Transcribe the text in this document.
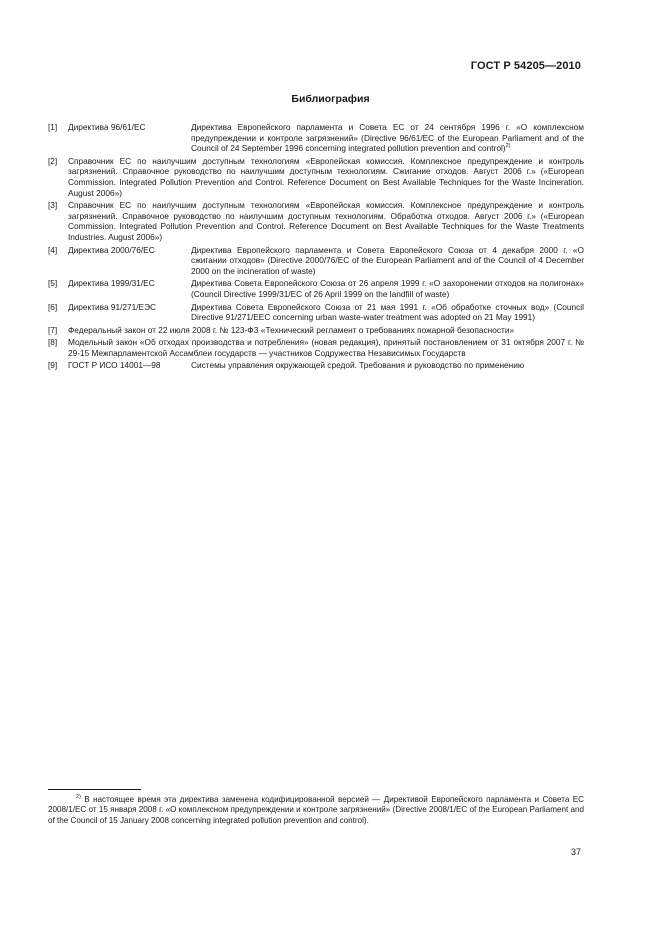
ГОСТ Р 54205—2010
Библиография
[1]	Директива 96/61/EC	Директива Европейского парламента и Совета ЕС от 24 сентября 1996 г. «О комплексном предупреждении и контроле загрязнений» (Directive 96/61/EC of the European Parliament and of the Council of 24 September 1996 concerning integrated pollution prevention and control)$^{2)}$
[2]	Справочник ЕС по наилучшим доступным технологиям «Европейская комиссия. Комплексное предупреждение и контроль загрязнений. Справочное руководство по наилучшим доступным технологиям. Сжигание отходов. Август 2006 г.» («European Commission. Integrated Pollution Prevention and Control. Reference Document on Best Available Techniques for the Waste Incineration. August 2006»)
[3]	Справочник ЕС по наилучшим доступным технологиям «Европейская комиссия. Комплексное предупреждение и контроль загрязнений. Справочное руководство по наилучшим доступным технологиям. Обработка отходов. Август 2006 г.» («European Commission. Integrated Pollution Prevention and Control. Reference Document on Best Available Techniques for the Waste Treatments Industries. August 2006»)
[4]	Директива 2000/76/ЕС	Директива Европейского парламента и Совета Европейского Союза от 4 декабря 2000 г. «О сжигании отходов» (Directive 2000/76/EC of the European Parliament and of the Council of 4 December 2000 on the incineration of waste)
[5]	Директива 1999/31/ЕС	Директива Совета Европейского Союза от 26 апреля 1999 г. «О захоронении отходов на полигонах» (Council Directive 1999/31/EC of 26 April 1999 on the landfill of waste)
[6]	Директива 91/271/ЕЭС	Директива Совета Европейского Союза от 21 мая 1991 г. «Об обработке сточных вод» (Council Directive 91/271/EEC concerning urban waste-water treatment was adopted on 21 May 1991)
[7]	Федеральный закон от 22 июля 2008 г. № 123-ФЗ «Технический регламент о требованиях пожарной безопасности»
[8]	Модельный закон «Об отходах производства и потребления» (новая редакция), принятый постановлением от 31 октября 2007 г. № 29-15 Межпарламентской Ассамблеи государств — участников Содружества Независимых Государств
[9]	ГОСТ Р ИСО 14001—98	Системы управления окружающей средой. Требования и руководство по применению
$^{2)}$ В настоящее время эта директива заменена кодифицированной версией — Директивой Европейского парламента и Совета ЕС 2008/1/ЕС от 15 января 2008 г. «О комплексном предупреждении и контроле загрязнений» (Directive 2008/1/EC of the European Parliament and of the Council of 15 January 2008 concerning integrated pollution prevention and control).
37
